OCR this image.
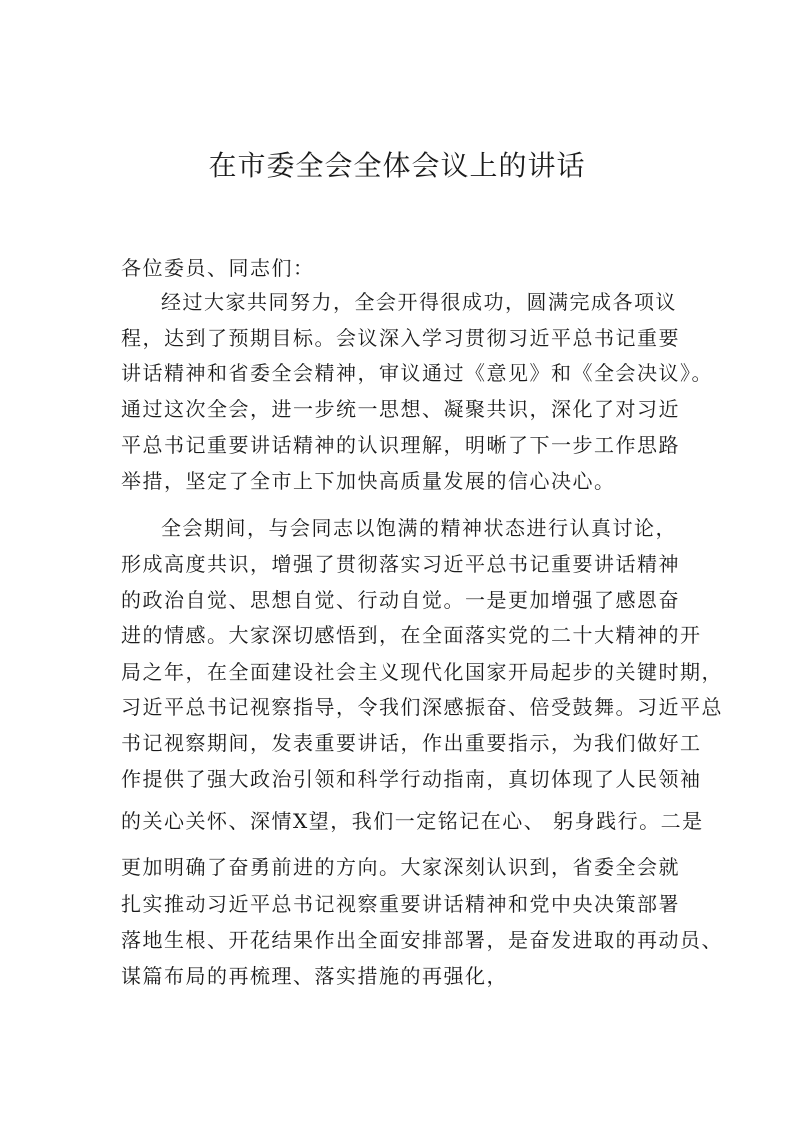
在市委全会全体会议上的讲话
各位委员、同志们：
经过大家共同努力，全会开得很成功，圆满完成各项议
程，达到了预期目标。会议深入学习贯彻习近平总书记重要
讲话精神和省委全会精神，审议通过《意见》和《全会决议》。
通过这次全会，进一步统一思想、凝聚共识，深化了对习近
平总书记重要讲话精神的认识理解，明晰了下一步工作思路
举措，坚定了全市上下加快高质量发展的信心决心。
全会期间，与会同志以饱满的精神状态进行认真讨论，
形成高度共识，增强了贯彻落实习近平总书记重要讲话精神
的政治自觉、思想自觉、行动自觉。一是更加增强了感恩奋
进的情感。大家深切感悟到，在全面落实党的二十大精神的开
局之年，在全面建设社会主义现代化国家开局起步的关键时期，
习近平总书记视察指导，令我们深感振奋、倍受鼓舞。习近平总
书记视察期间，发表重要讲话，作出重要指示，为我们做好工
作提供了强大政治引领和科学行动指南，真切体现了人民领袖
的关心关怀、深情X望，我们一定铭记在心、 躬身践行。二是
更加明确了奋勇前进的方向。大家深刻认识到，省委全会就
扎实推动习近平总书记视察重要讲话精神和党中央决策部署
落地生根、开花结果作出全面安排部署，是奋发进取的再动员、
谋篇布局的再梳理、落实措施的再强化，
